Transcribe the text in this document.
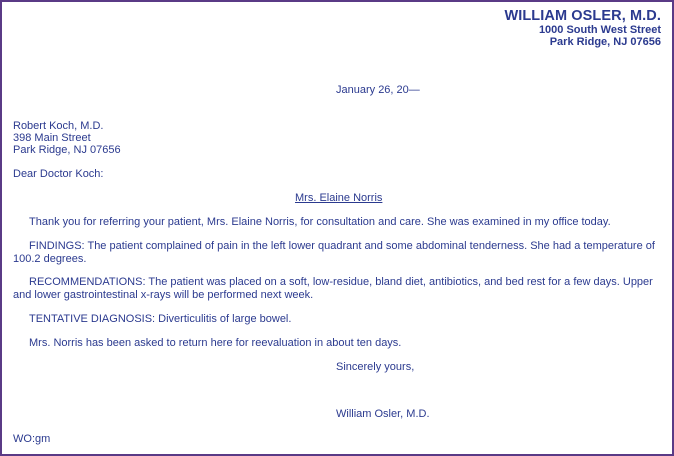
WILLIAM OSLER, M.D.
1000 South West Street
Park Ridge, NJ 07656
January 26, 20—
Robert Koch, M.D.
398 Main Street
Park Ridge, NJ 07656
Dear Doctor Koch:
Mrs. Elaine Norris

Thank you for referring your patient, Mrs. Elaine Norris, for consultation and care. She was examined in my office today.

FINDINGS: The patient complained of pain in the left lower quadrant and some abdominal tenderness. She had a temperature of 100.2 degrees.

RECOMMENDATIONS: The patient was placed on a soft, low-residue, bland diet, antibiotics, and bed rest for a few days. Upper and lower gastrointestinal x-rays will be performed next week.

TENTATIVE DIAGNOSIS: Diverticulitis of large bowel.

Mrs. Norris has been asked to return here for reevaluation in about ten days.

Sincerely yours,
William Osler, M.D.
WO:gm
